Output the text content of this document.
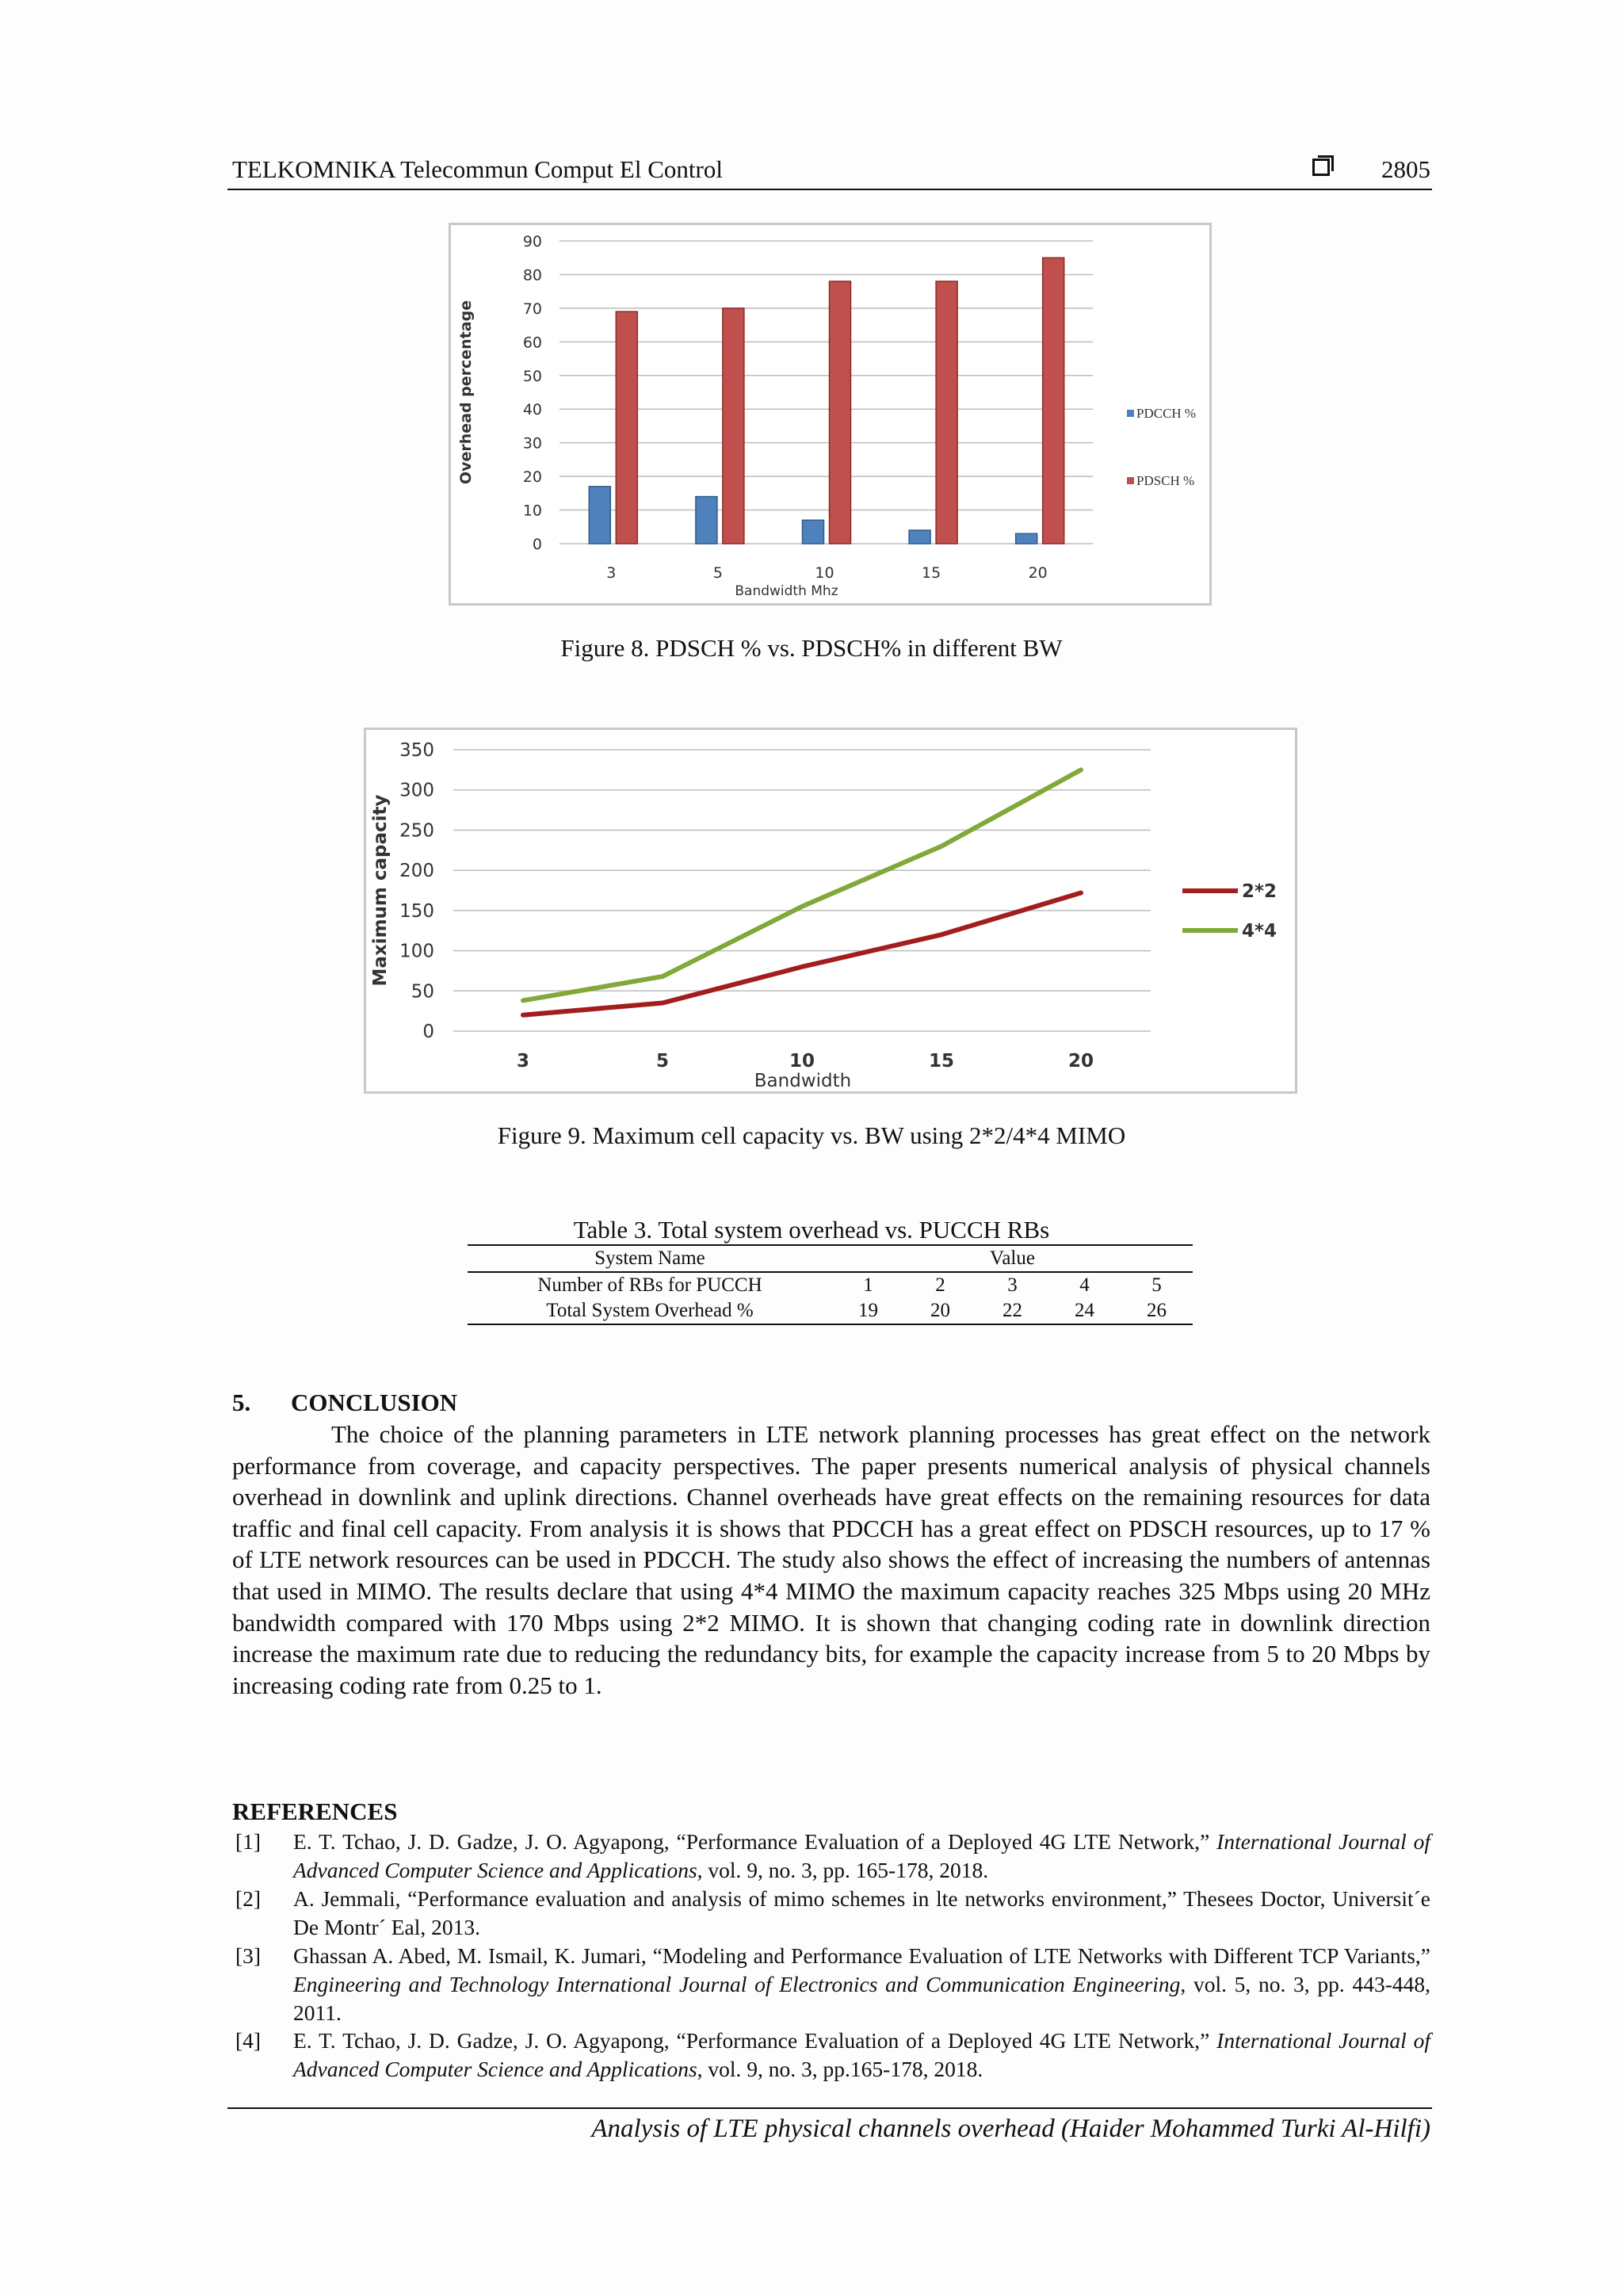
TELKOMNIKA Telecommun Comput El Control	2805
0
10
20
30
40
50
60
70
80
90
3	5	10	15	20
Bandwidth Mhz
Overhead percentage	PDCCH %
PDSCH %
Figure 8. PDSCH % vs. PDSCH% in different BW
0
50
100
150
200
250
300
350
3	5	10	15	20
Bandwidth
Maximum capacity	2*2
4*4
Figure 9. Maximum cell capacity vs. BW using 2*2/4*4 MIMO
Table 3. Total system overhead vs. PUCCH RBs
System Name	Value				
Number of RBs for PUCCH	1	2	3	4	5
Total System Overhead %	19	20	22	24	26
5. CONCLUSION

The choice of the planning parameters in LTE network planning processes has great effect on the network performance from coverage, and capacity perspectives. The paper presents numerical analysis of physical channels overhead in downlink and uplink directions. Channel overheads have great effects on the remaining resources for data traffic and final cell capacity. From analysis it is shows that PDCCH has a great effect on PDSCH resources, up to 17 % of LTE network resources can be used in PDCCH. The study also shows the effect of increasing the numbers of antennas that used in MIMO. The results declare that using 4*4 MIMO the maximum capacity reaches 325 Mbps using 20 MHz bandwidth compared with 170 Mbps using 2*2 MIMO. It is shown that changing coding rate in downlink direction increase the maximum rate due to reducing the redundancy bits, for example the capacity increase from 5 to 20 Mbps by increasing coding rate from 0.25 to 1.

REFERENCES
[1] E. T. Tchao, J. D. Gadze, J. O. Agyapong, “Performance Evaluation of a Deployed 4G LTE Network,” International Journal of Advanced Computer Science and Applications, vol. 9, no. 3, pp. 165-178, 2018.
[2] A. Jemmali, “Performance evaluation and analysis of mimo schemes in lte networks environment,” Thesees Doctor, Universit´e De Montr´ Eal, 2013.
[3] Ghassan A. Abed, M. Ismail, K. Jumari, “Modeling and Performance Evaluation of LTE Networks with Different TCP Variants,” Engineering and Technology International Journal of Electronics and Communication Engineering, vol. 5, no. 3, pp. 443-448, 2011.
[4] E. T. Tchao, J. D. Gadze, J. O. Agyapong, “Performance Evaluation of a Deployed 4G LTE Network,” International Journal of Advanced Computer Science and Applications, vol. 9, no. 3, pp.165-178, 2018.
Analysis of LTE physical channels overhead (Haider Mohammed Turki Al-Hilfi)
